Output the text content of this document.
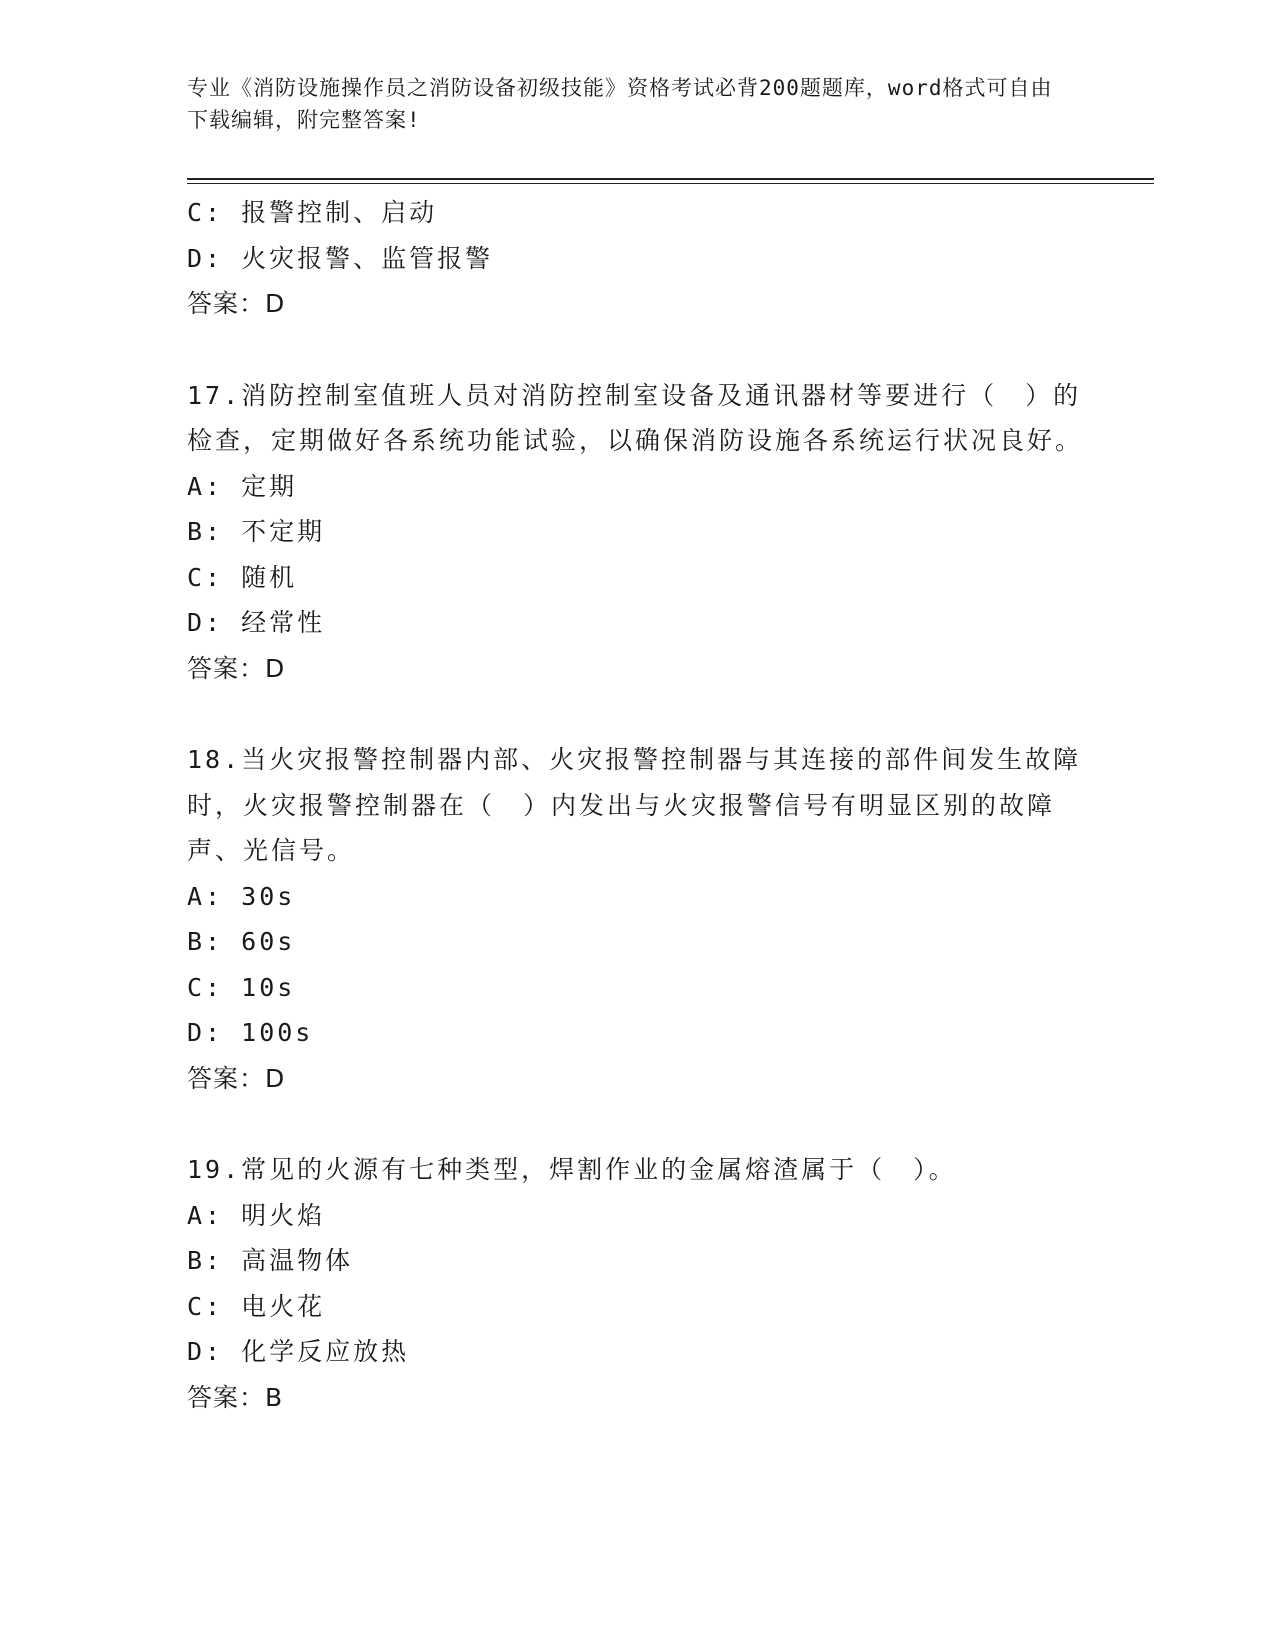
专业《消防设施操作员之消防设备初级技能》资格考试必背200题题库，word格式可自由下载编辑，附完整答案!
C: 报警控制、启动
D: 火灾报警、监管报警
答案：D
17.消防控制室值班人员对消防控制室设备及通讯器材等要进行（　）的检查，定期做好各系统功能试验，以确保消防设施各系统运行状况良好。
A: 定期
B: 不定期
C: 随机
D: 经常性
答案：D
18.当火灾报警控制器内部、火灾报警控制器与其连接的部件间发生故障时，火灾报警控制器在（　）内发出与火灾报警信号有明显区别的故障声、光信号。
A: 30s
B: 60s
C: 10s
D: 100s
答案：D
19.常见的火源有七种类型，焊割作业的金属熔渣属于（　）。
A: 明火焰
B: 高温物体
C: 电火花
D: 化学反应放热
答案：B
